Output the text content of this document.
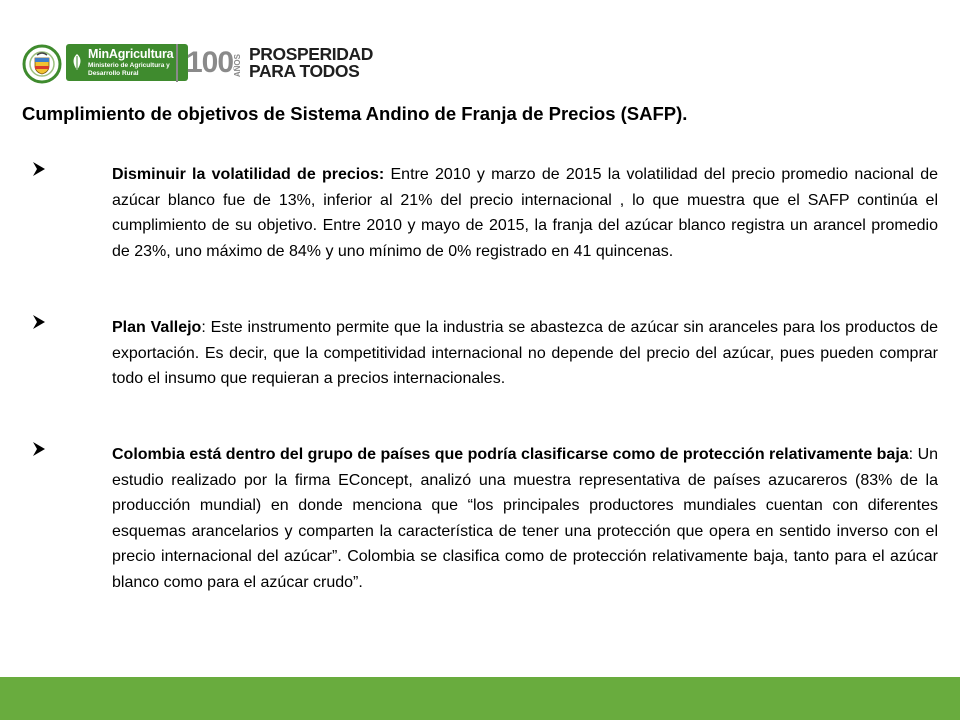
MinAgricultura
Ministerio de Agricultura y Desarrollo Rural	100 AÑOS PROSPERIDAD
PARA TODOS
Cumplimiento de objetivos de Sistema Andino de Franja de Precios (SAFP).
Disminuir la volatilidad de precios: Entre 2010 y marzo de 2015 la volatilidad del precio promedio nacional de azúcar blanco fue de 13%, inferior al 21% del precio internacional , lo que muestra que el SAFP continúa el cumplimiento de su objetivo. Entre 2010 y mayo de 2015, la franja del azúcar blanco registra un arancel promedio de 23%, uno máximo de 84% y uno mínimo de 0% registrado en 41 quincenas.
Plan Vallejo: Este instrumento permite que la industria se abastezca de azúcar sin aranceles para los productos de exportación. Es decir, que la competitividad internacional no depende del precio del azúcar, pues pueden comprar todo el insumo que requieran a precios internacionales.
Colombia está dentro del grupo de países que podría clasificarse como de protección relativamente baja: Un estudio realizado por la firma EConcept, analizó una muestra representativa de países azucareros (83% de la producción mundial) en donde menciona que “los principales productores mundiales cuentan con diferentes esquemas arancelarios y comparten la característica de tener una protección que opera en sentido inverso con el precio internacional del azúcar”. Colombia se clasifica como de protección relativamente baja, tanto para el azúcar blanco como para el azúcar crudo”.
